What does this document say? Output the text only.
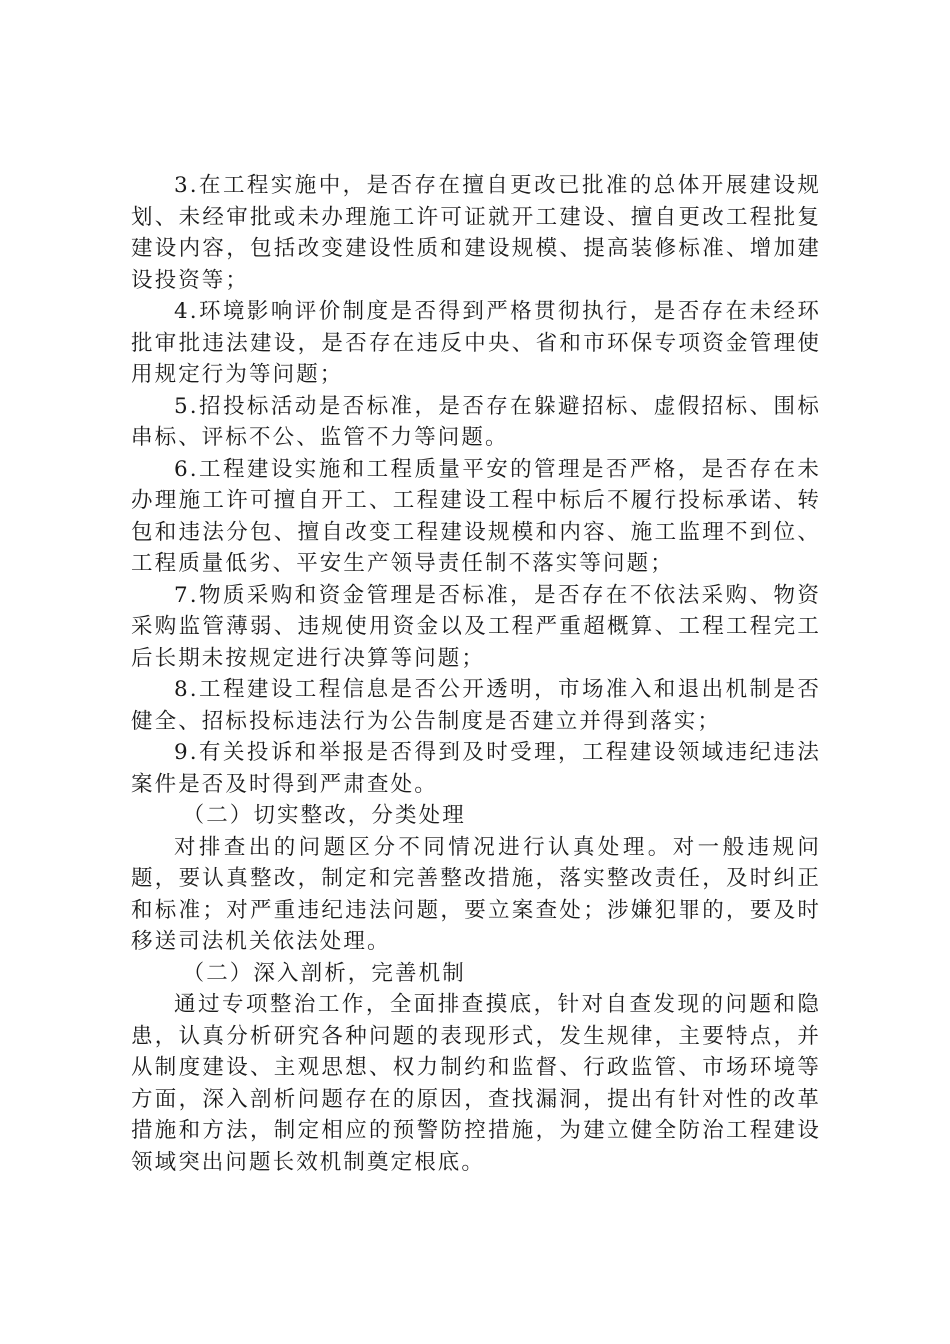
3.在工程实施中，是否存在擅自更改已批准的总体开展建设规划、未经审批或未办理施工许可证就开工建设、擅自更改工程批复建设内容，包括改变建设性质和建设规模、提高装修标准、增加建设投资等；

4.环境影响评价制度是否得到严格贯彻执行，是否存在未经环批审批违法建设，是否存在违反中央、省和市环保专项资金管理使用规定行为等问题；

5.招投标活动是否标准，是否存在躲避招标、虚假招标、围标串标、评标不公、监管不力等问题。

6.工程建设实施和工程质量平安的管理是否严格，是否存在未办理施工许可擅自开工、工程建设工程中标后不履行投标承诺、转包和违法分包、擅自改变工程建设规模和内容、施工监理不到位、工程质量低劣、平安生产领导责任制不落实等问题；

7.物质采购和资金管理是否标准，是否存在不依法采购、物资采购监管薄弱、违规使用资金以及工程严重超概算、工程工程完工后长期未按规定进行决算等问题；

8.工程建设工程信息是否公开透明，市场准入和退出机制是否健全、招标投标违法行为公告制度是否建立并得到落实；

9.有关投诉和举报是否得到及时受理，工程建设领域违纪违法案件是否及时得到严肃查处。

（二）切实整改，分类处理

对排查出的问题区分不同情况进行认真处理。对一般违规问题，要认真整改，制定和完善整改措施，落实整改责任，及时纠正和标准；对严重违纪违法问题，要立案查处；涉嫌犯罪的，要及时移送司法机关依法处理。

（二）深入剖析，完善机制

通过专项整治工作，全面排查摸底，针对自查发现的问题和隐患，认真分析研究各种问题的表现形式，发生规律，主要特点，并从制度建设、主观思想、权力制约和监督、行政监管、市场环境等方面，深入剖析问题存在的原因，查找漏洞，提出有针对性的改革措施和方法，制定相应的预警防控措施，为建立健全防治工程建设领域突出问题长效机制奠定根底。
